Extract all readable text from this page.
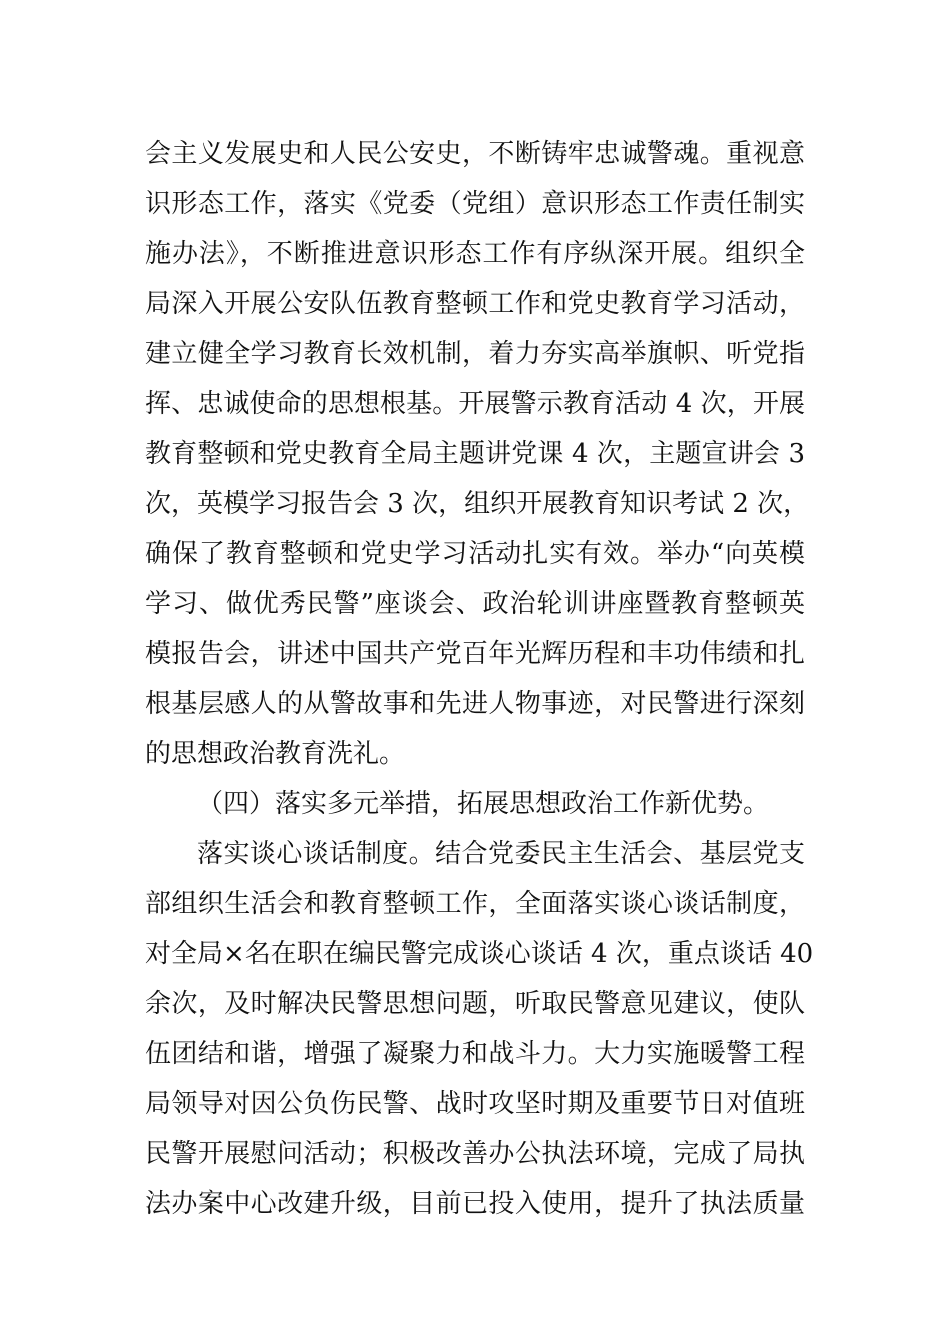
会主义发展史和人民公安史，不断铸牢忠诚警魂。重视意
识形态工作，落实《党委（党组）意识形态工作责任制实
施办法》，不断推进意识形态工作有序纵深开展。组织全
局深入开展公安队伍教育整顿工作和党史教育学习活动，
建立健全学习教育长效机制，着力夯实高举旗帜、听党指
挥、忠诚使命的思想根基。开展警示教育活动 4 次，开展
教育整顿和党史教育全局主题讲党课 4 次，主题宣讲会 3
次，英模学习报告会 3 次，组织开展教育知识考试 2 次，
确保了教育整顿和党史学习活动扎实有效。举办“向英模
学习、做优秀民警”座谈会、政治轮训讲座暨教育整顿英
模报告会，讲述中国共产党百年光辉历程和丰功伟绩和扎
根基层感人的从警故事和先进人物事迹，对民警进行深刻
的思想政治教育洗礼。
（四）落实多元举措，拓展思想政治工作新优势。
落实谈心谈话制度。结合党委民主生活会、基层党支
部组织生活会和教育整顿工作，全面落实谈心谈话制度，
对全局×名在职在编民警完成谈心谈话 4 次，重点谈话 40
余次，及时解决民警思想问题，听取民警意见建议，使队
伍团结和谐，增强了凝聚力和战斗力。大力实施暖警工程
局领导对因公负伤民警、战时攻坚时期及重要节日对值班
民警开展慰问活动；积极改善办公执法环境，完成了局执
法办案中心改建升级，目前已投入使用，提升了执法质量
